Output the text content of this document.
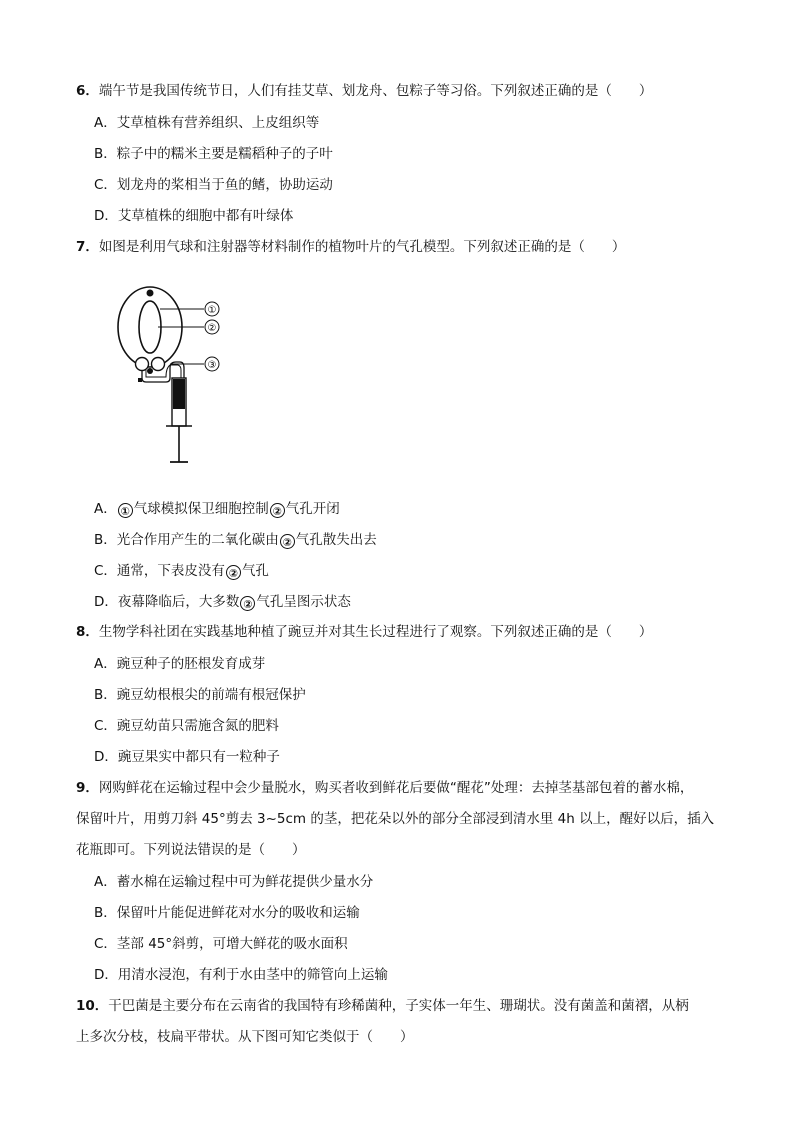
6．端午节是我国传统节日，人们有挂艾草、划龙舟、包粽子等习俗。下列叙述正确的是（　　）
A．艾草植株有营养组织、上皮组织等
B．粽子中的糯米主要是糯稻种子的子叶
C．划龙舟的桨相当于鱼的鳍，协助运动
D．艾草植株的细胞中都有叶绿体
7．如图是利用气球和注射器等材料制作的植物叶片的气孔模型。下列叙述正确的是（　　）
①
②
③
A． ① 气球模拟保卫细胞控制 ② 气孔开闭
B．光合作用产生的二氧化碳由 ② 气孔散失出去
C．通常，下表皮没有 ② 气孔
D．夜幕降临后，大多数 ② 气孔呈图示状态
8．生物学科社团在实践基地种植了豌豆并对其生长过程进行了观察。下列叙述正确的是（　　）
A．豌豆种子的胚根发育成芽
B．豌豆幼根根尖的前端有根冠保护
C．豌豆幼苗只需施含氮的肥料
D．豌豆果实中都只有一粒种子
9．网购鲜花在运输过程中会少量脱水，购买者收到鲜花后要做“醒花”处理：去掉茎基部包着的蓄水棉，
保留叶片，用剪刀斜 45°剪去 3~5cm 的茎，把花朵以外的部分全部浸到清水里 4h 以上，醒好以后，插入
花瓶即可。下列说法错误的是（　　）
A．蓄水棉在运输过程中可为鲜花提供少量水分
B．保留叶片能促进鲜花对水分的吸收和运输
C．茎部 45°斜剪，可增大鲜花的吸水面积
D．用清水浸泡，有利于水由茎中的筛管向上运输
10．干巴菌是主要分布在云南省的我国特有珍稀菌种，子实体一年生、珊瑚状。没有菌盖和菌褶，从柄
上多次分枝，枝扁平带状。从下图可知它类似于（　　）
